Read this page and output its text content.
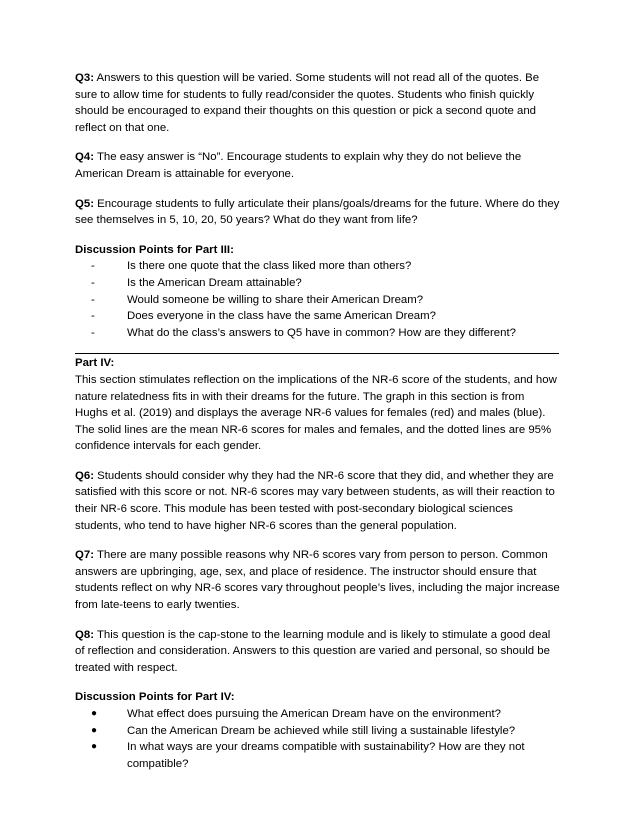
Q3: Answers to this question will be varied. Some students will not read all of the quotes. Be sure to allow time for students to fully read/consider the quotes. Students who finish quickly should be encouraged to expand their thoughts on this question or pick a second quote and reflect on that one.

Q4: The easy answer is “No”. Encourage students to explain why they do not believe the American Dream is attainable for everyone.

Q5: Encourage students to fully articulate their plans/goals/dreams for the future. Where do they see themselves in 5, 10, 20, 50 years? What do they want from life?

Discussion Points for Part III:

-	Is there one quote that the class liked more than others?
-	Is the American Dream attainable?
-	Would someone be willing to share their American Dream?
-	Does everyone in the class have the same American Dream?
-	What do the class’s answers to Q5 have in common? How are they different?

Part IV:

This section stimulates reflection on the implications of the NR-6 score of the students, and how nature relatedness fits in with their dreams for the future. The graph in this section is from Hughs et al. (2019) and displays the average NR-6 values for females (red) and males (blue). The solid lines are the mean NR-6 scores for males and females, and the dotted lines are 95% confidence intervals for each gender.

Q6: Students should consider why they had the NR-6 score that they did, and whether they are satisfied with this score or not. NR-6 scores may vary between students, as will their reaction to their NR-6 score. This module has been tested with post-secondary biological sciences students, who tend to have higher NR-6 scores than the general population.

Q7: There are many possible reasons why NR-6 scores vary from person to person. Common answers are upbringing, age, sex, and place of residence. The instructor should ensure that students reflect on why NR-6 scores vary throughout people’s lives, including the major increase from late-teens to early twenties.

Q8: This question is the cap-stone to the learning module and is likely to stimulate a good deal of reflection and consideration. Answers to this question are varied and personal, so should be treated with respect.

Discussion Points for Part IV:

●	What effect does pursuing the American Dream have on the environment?
●	Can the American Dream be achieved while still living a sustainable lifestyle?
●	In what ways are your dreams compatible with sustainability? How are they not compatible?
